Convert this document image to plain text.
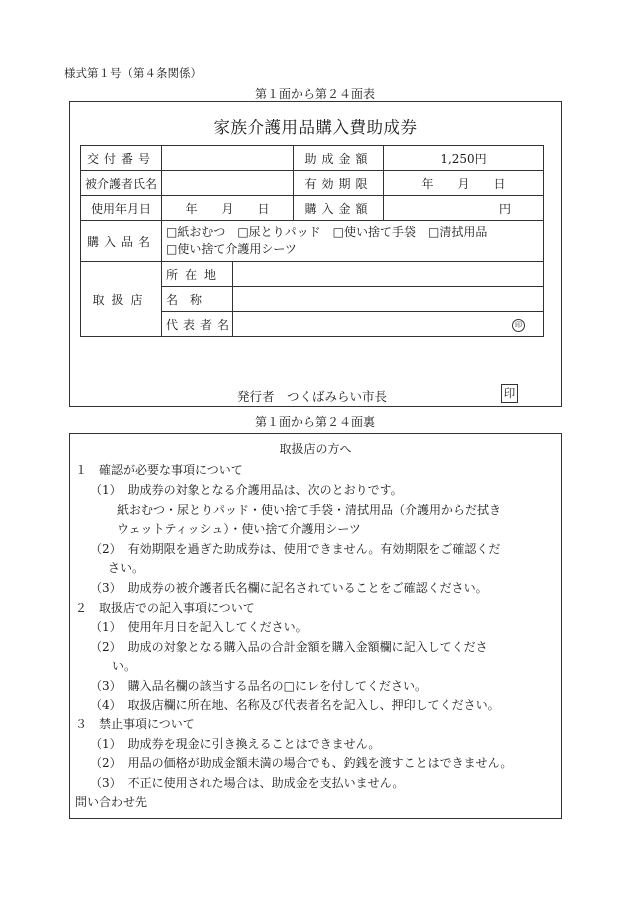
様式第１号（第４条関係）
第１面から第２４面表
家族介護用品購入費助成券
交付番号			助成金額	1,250円
被介護者氏名			有効期限	年　　月　　日
使用年月日	年　　月　　日		購入金額	円
購入品名	□紙おむつ　□尿とりパッド　□使い捨て手袋　□清拭用品
□使い捨て介護用シーツ			

取扱店	所在地			
	名　称			
	代表者名	印		
発行者　つくばみらい市長	印
第１面から第２４面裏
取扱店の方へ
１　確認が必要な事項について
（1）　助成券の対象となる介護用品は、次のとおりです。
紙おむつ・尿とりパッド・使い捨て手袋・清拭用品（介護用からだ拭き
ウェットティッシュ）・使い捨て介護用シーツ
（2）　有効期限を過ぎた助成券は、使用できません。有効期限をご確認くだ
さい。
（3）　助成券の被介護者氏名欄に記名されていることをご確認ください。
２　取扱店での記入事項について
（1）　使用年月日を記入してください。
（2）　助成の対象となる購入品の合計金額を購入金額欄に記入してくださ
い。
（3）　購入品名欄の該当する品名の□にレを付してください。
（4）　取扱店欄に所在地、名称及び代表者名を記入し、押印してください。
３　禁止事項について
（1）　助成券を現金に引き換えることはできません。
（2）　用品の価格が助成金額未満の場合でも、釣銭を渡すことはできません。
（3）　不正に使用された場合は、助成金を支払いません。
問い合わせ先
